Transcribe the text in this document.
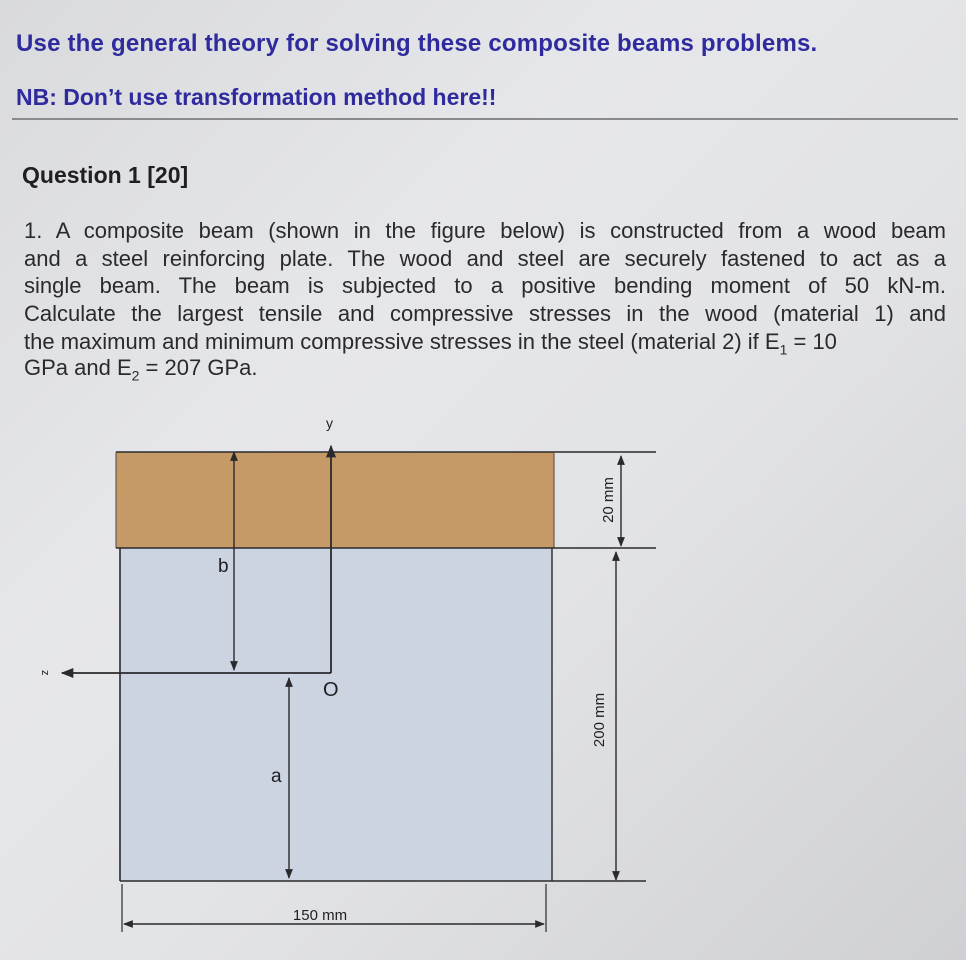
Use the general theory for solving these composite beams problems.
NB: Don’t use transformation method here!!
Question 1 [20]
1. A composite beam (shown in the figure below) is constructed from a wood beam
and a steel reinforcing plate. The wood and steel are securely fastened to act as a
single beam. The beam is subjected to a positive bending moment of 50 kN-m.
Calculate the largest tensile and compressive stresses in the wood (material 1) and
the maximum and minimum compressive stresses in the steel (material 2) if $E_1 = 10$
GPa and $E_2 = 207$ GPa.
y
z
O
b
a
20 mm
200 mm
150 mm
